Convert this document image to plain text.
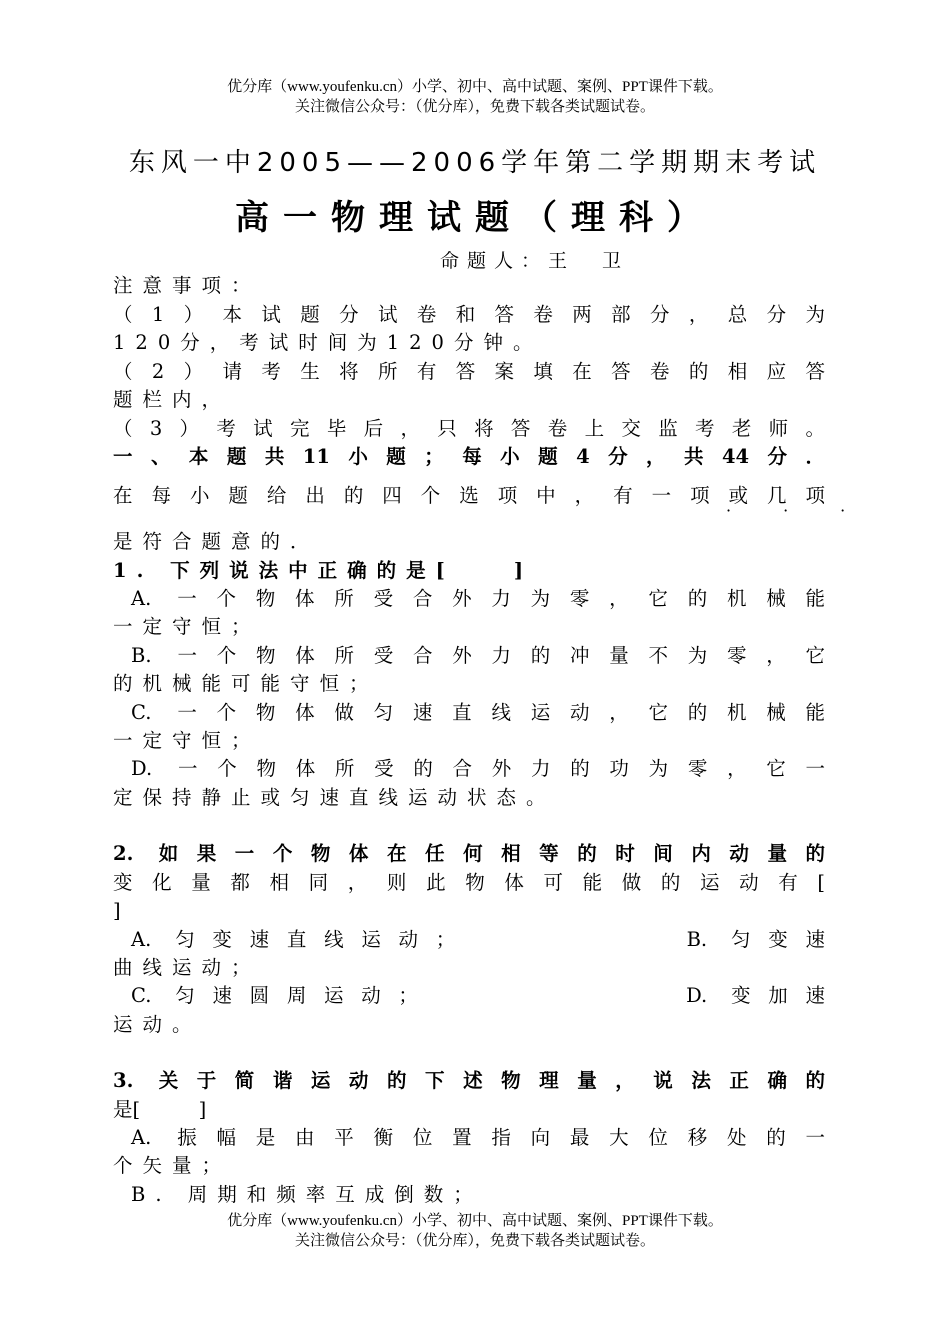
优分库（www.youfenku.cn）小学、初中、高中试题、案例、PPT课件下载。
关注微信公众号：（优分库），免费下载各类试题试卷。
东风一中2005——2006学年第二学期期末考试
高一物理试题（理科）
命题人：王　卫
注意事项：
（1）本试题分试卷和答卷两部分，总分为
120分，考试时间为120分钟。
（2）请考生将所有答案填在答卷的相应答
题栏内，
（3）考试完毕后，只将答卷上交监考老师。
一、本题共11小题；每小题4分，共44分．
在每小题给出的四个选项中，有一项或几项
·　·　·
是符合题意的．
1. 下列说法中正确的是[　　]
A. 一个物体所受合外力为零，它的机械能
一定守恒；
B. 一个物体所受合外力的冲量不为零，它
的机械能可能守恒；
C. 一个物体做匀速直线运动，它的机械能
一定守恒；
D. 一个物体所受的合外力的功为零，它一
定保持静止或匀速直线运动状态。
2. 如果一个物体在任何相等的时间内动量的
变化量都相同，则此物体可能做的运动有[
]
A. 匀变速直线运动；　　　　　　B. 匀变速
曲线运动；
C. 匀速圆周运动；　　　　　　　D. 变加速
运动。
3. 关于简谐运动的下述物理量，说法正确的
是[　　　]
A. 振幅是由平衡位置指向最大位移处的一
个矢量；
B. 周期和频率互成倒数；
优分库（www.youfenku.cn）小学、初中、高中试题、案例、PPT课件下载。
关注微信公众号：（优分库），免费下载各类试题试卷。
